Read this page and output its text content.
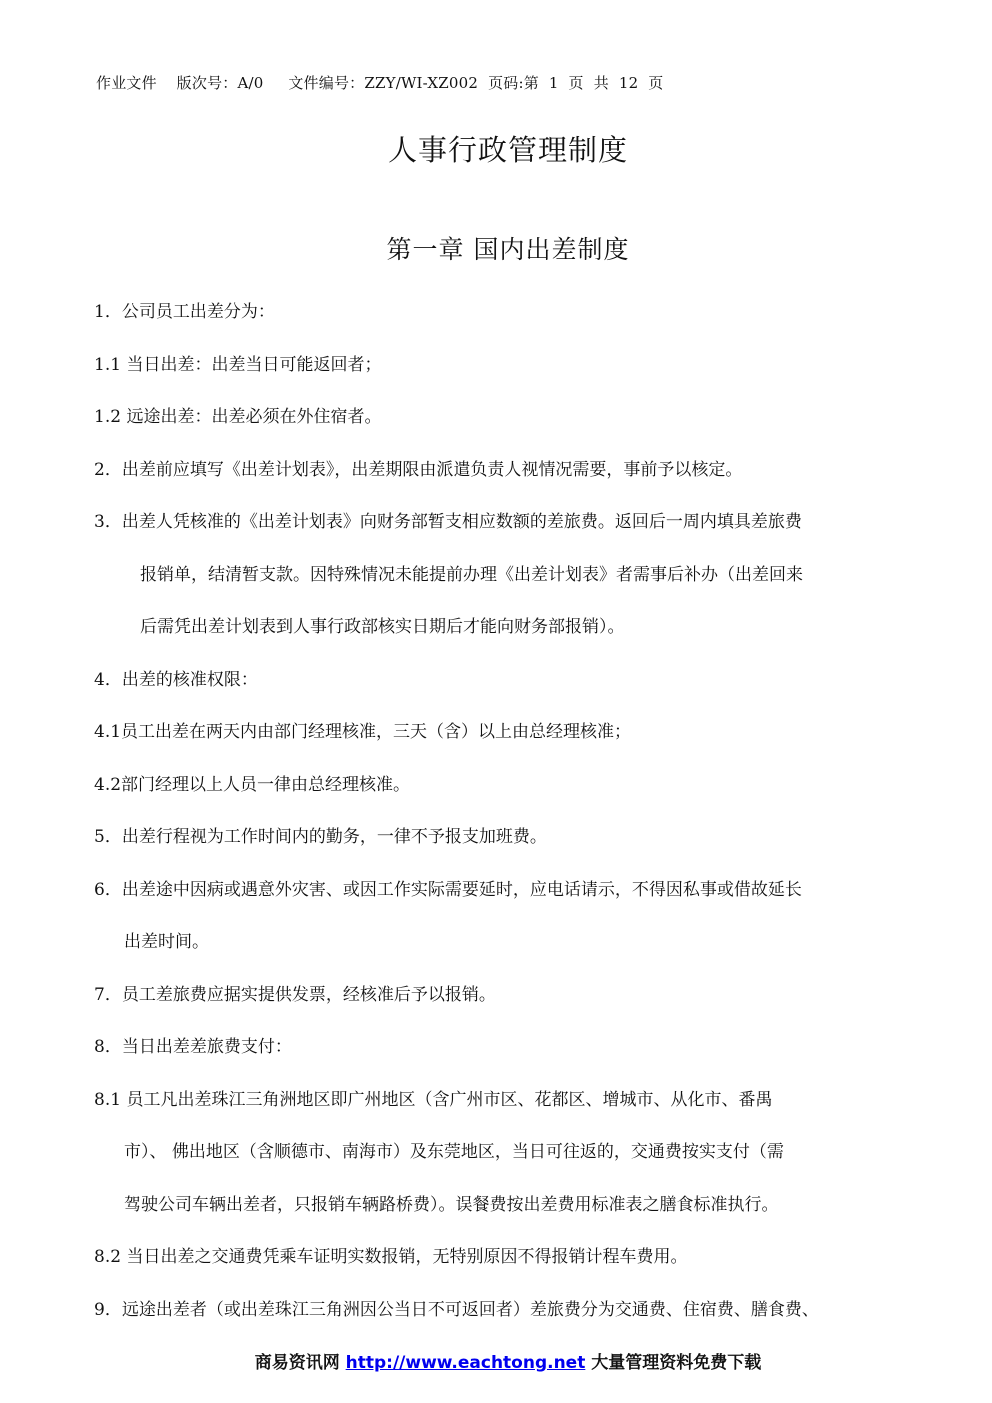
作业文件    版次号：A/0     文件编号：ZZY/WI-XZ002  页码:第  1  页  共  12  页
人事行政管理制度
第一章 国内出差制度

1．公司员工出差分为：

1.1 当日出差：出差当日可能返回者；

1.2 远途出差：出差必须在外住宿者。

2．出差前应填写《出差计划表》，出差期限由派遣负责人视情况需要，事前予以核定。

3．出差人凭核准的《出差计划表》向财务部暂支相应数额的差旅费。返回后一周内填具差旅费
报销单，结清暂支款。因特殊情况未能提前办理《出差计划表》者需事后补办（出差回来
后需凭出差计划表到人事行政部核实日期后才能向财务部报销）。

4．出差的核准权限：

4.1员工出差在两天内由部门经理核准，三天（含）以上由总经理核准；

4.2部门经理以上人员一律由总经理核准。

5．出差行程视为工作时间内的勤务，一律不予报支加班费。

6．出差途中因病或遇意外灾害、或因工作实际需要延时，应电话请示，不得因私事或借故延长
出差时间。

7．员工差旅费应据实提供发票，经核准后予以报销。

8．当日出差差旅费支付：

8.1 员工凡出差珠江三角洲地区即广州地区（含广州市区、花都区、增城市、从化市、番禺
市）、 佛出地区（含顺德市、南海市）及东莞地区，当日可往返的，交通费按实支付（需
驾驶公司车辆出差者，只报销车辆路桥费）。误餐费按出差费用标准表之膳食标准执行。

8.2 当日出差之交通费凭乘车证明实数报销，无特别原因不得报销计程车费用。

9．远途出差者（或出差珠江三角洲因公当日不可返回者）差旅费分为交通费、住宿费、膳食费、

商易资讯网 http://www.eachtong.net 大量管理资料免费下载
